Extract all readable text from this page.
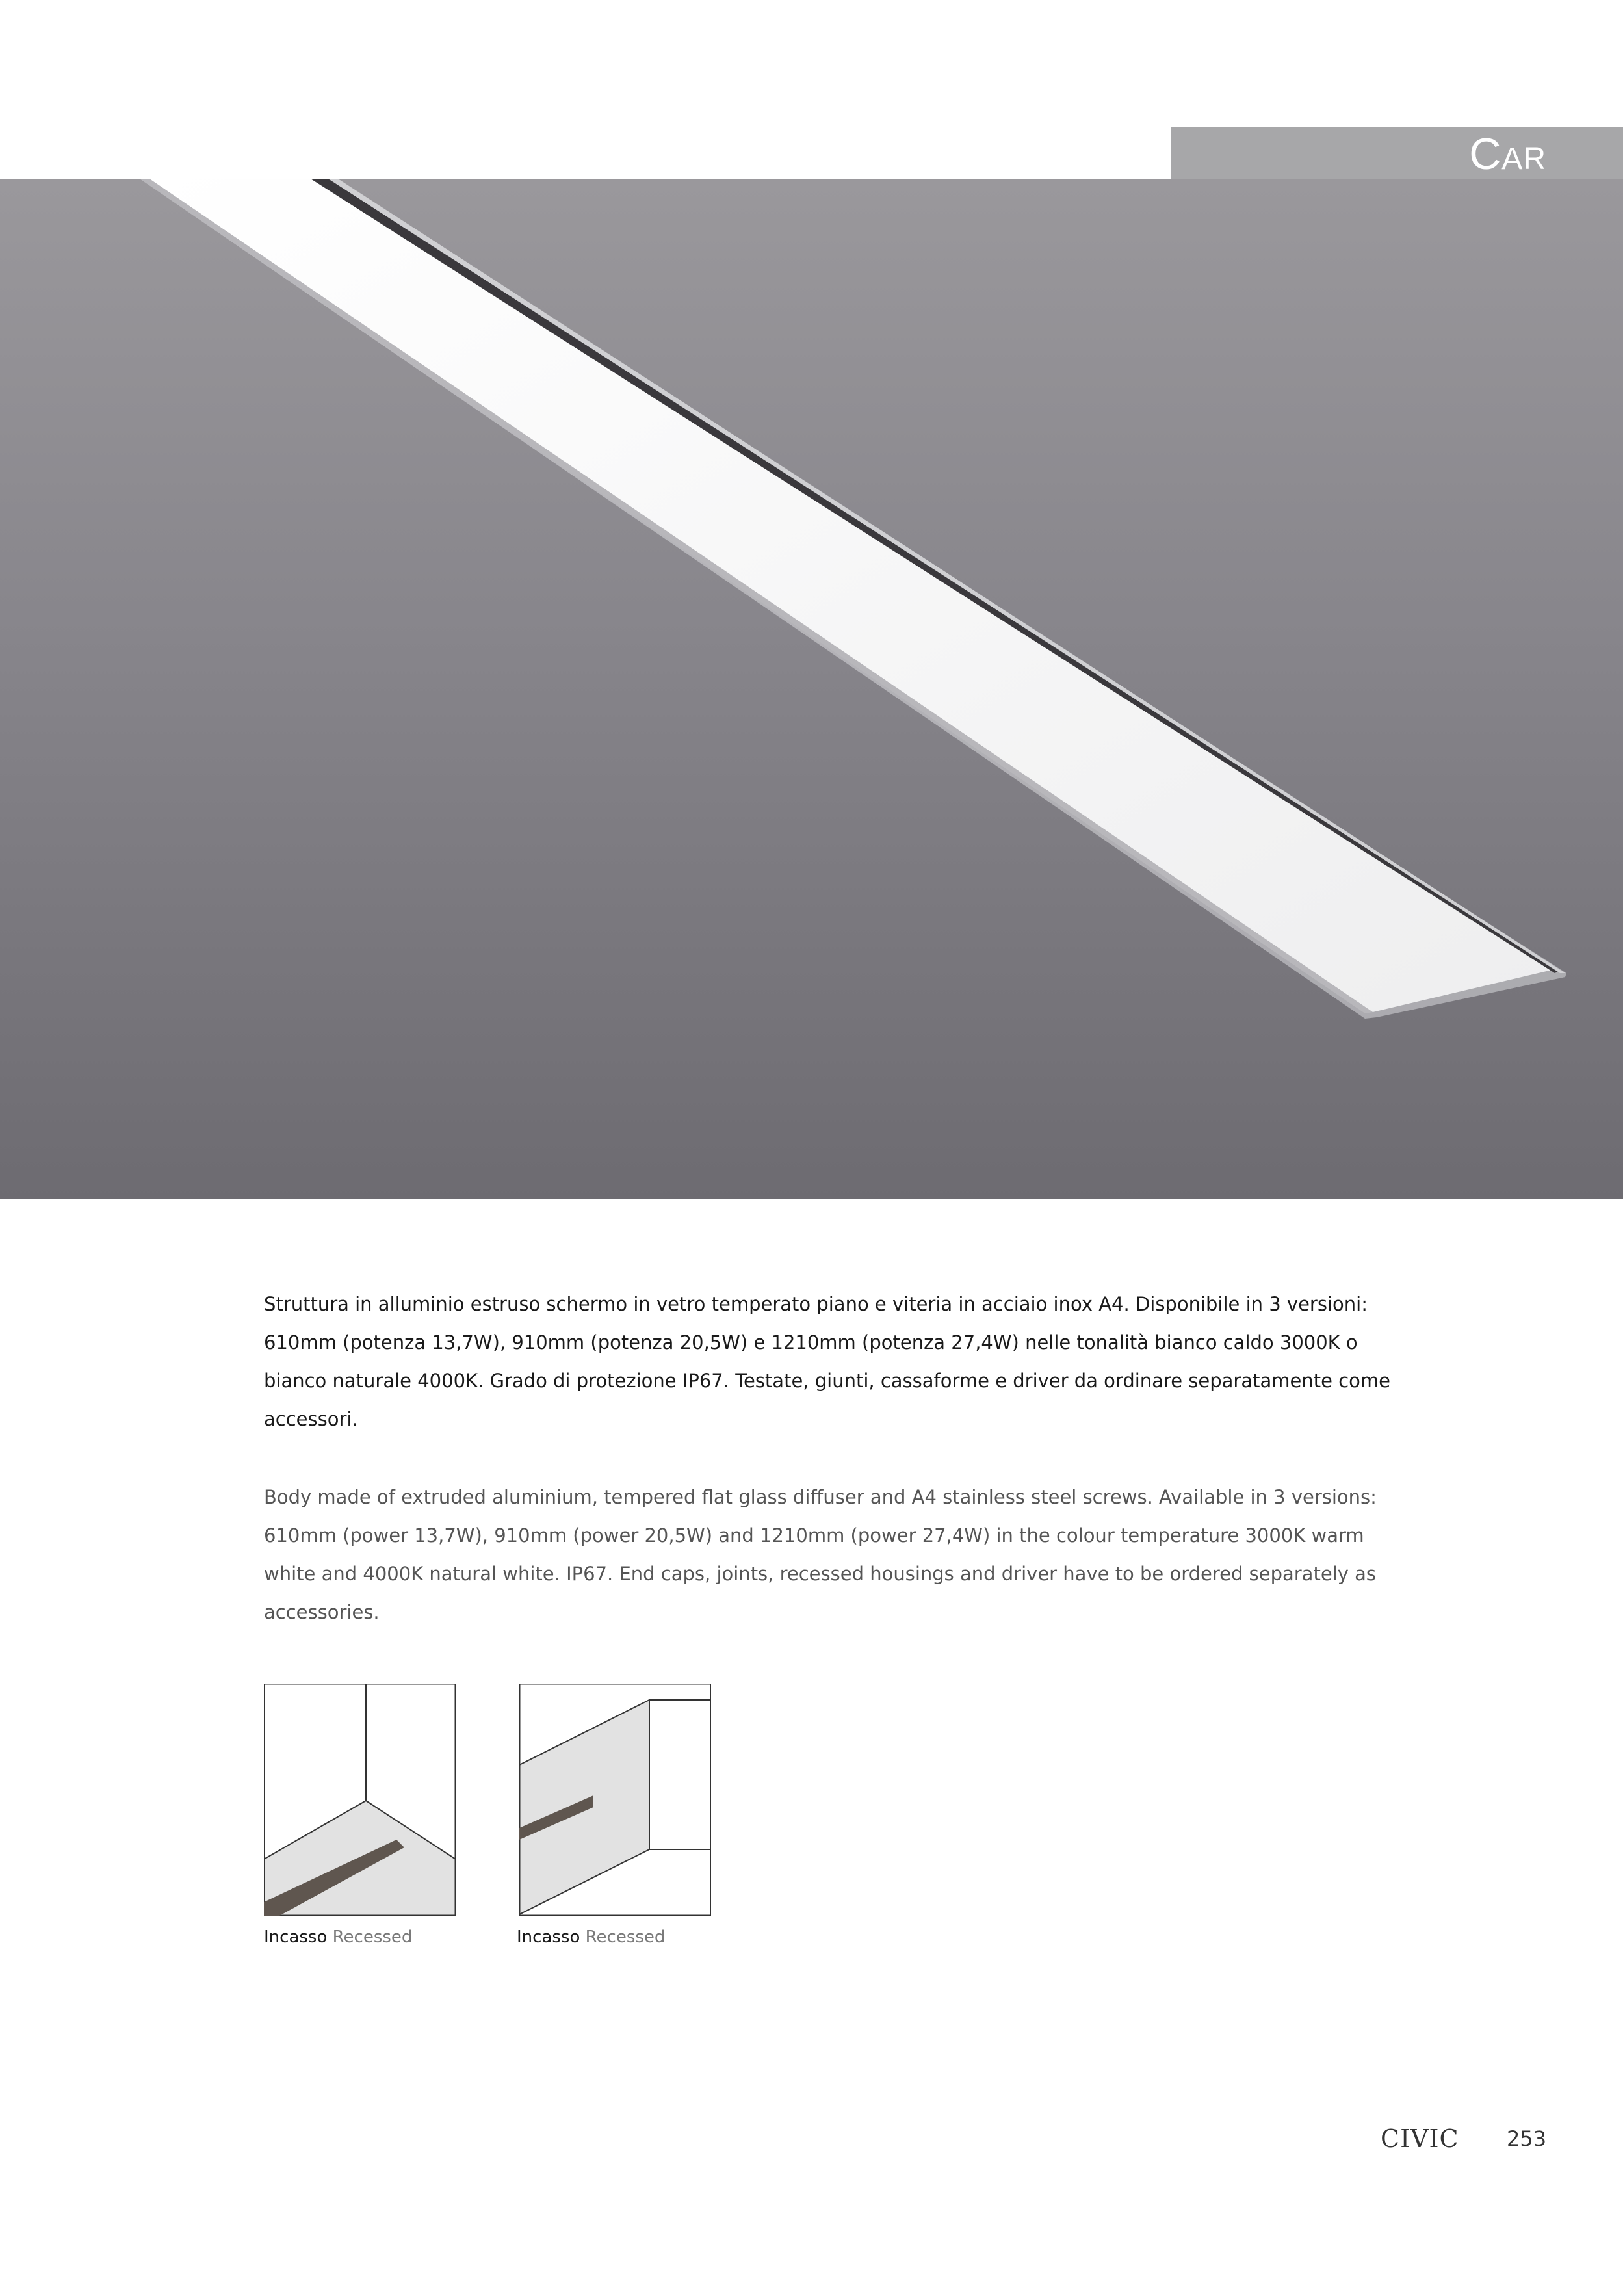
Car

Struttura in alluminio estruso schermo in vetro temperato piano e viteria in acciaio inox A4. Disponibile in 3 versioni: 610mm (potenza 13,7W), 910mm (potenza 20,5W) e 1210mm (potenza 27,4W) nelle tonalità bianco caldo 3000K o bianco naturale 4000K. Grado di protezione IP67. Testate, giunti, cassaforme e driver da ordinare separatamente come accessori.

Body made of extruded aluminium, tempered flat glass diffuser and A4 stainless steel screws. Available in 3 versions: 610mm (power 13,7W), 910mm (power 20,5W) and 1210mm (power 27,4W) in the colour temperature 3000K warm white and 4000K natural white. IP67. End caps, joints, recessed housings and driver have to be ordered separately as accessories.

Incasso Recessed	Incasso Recessed
CIVIC 253
